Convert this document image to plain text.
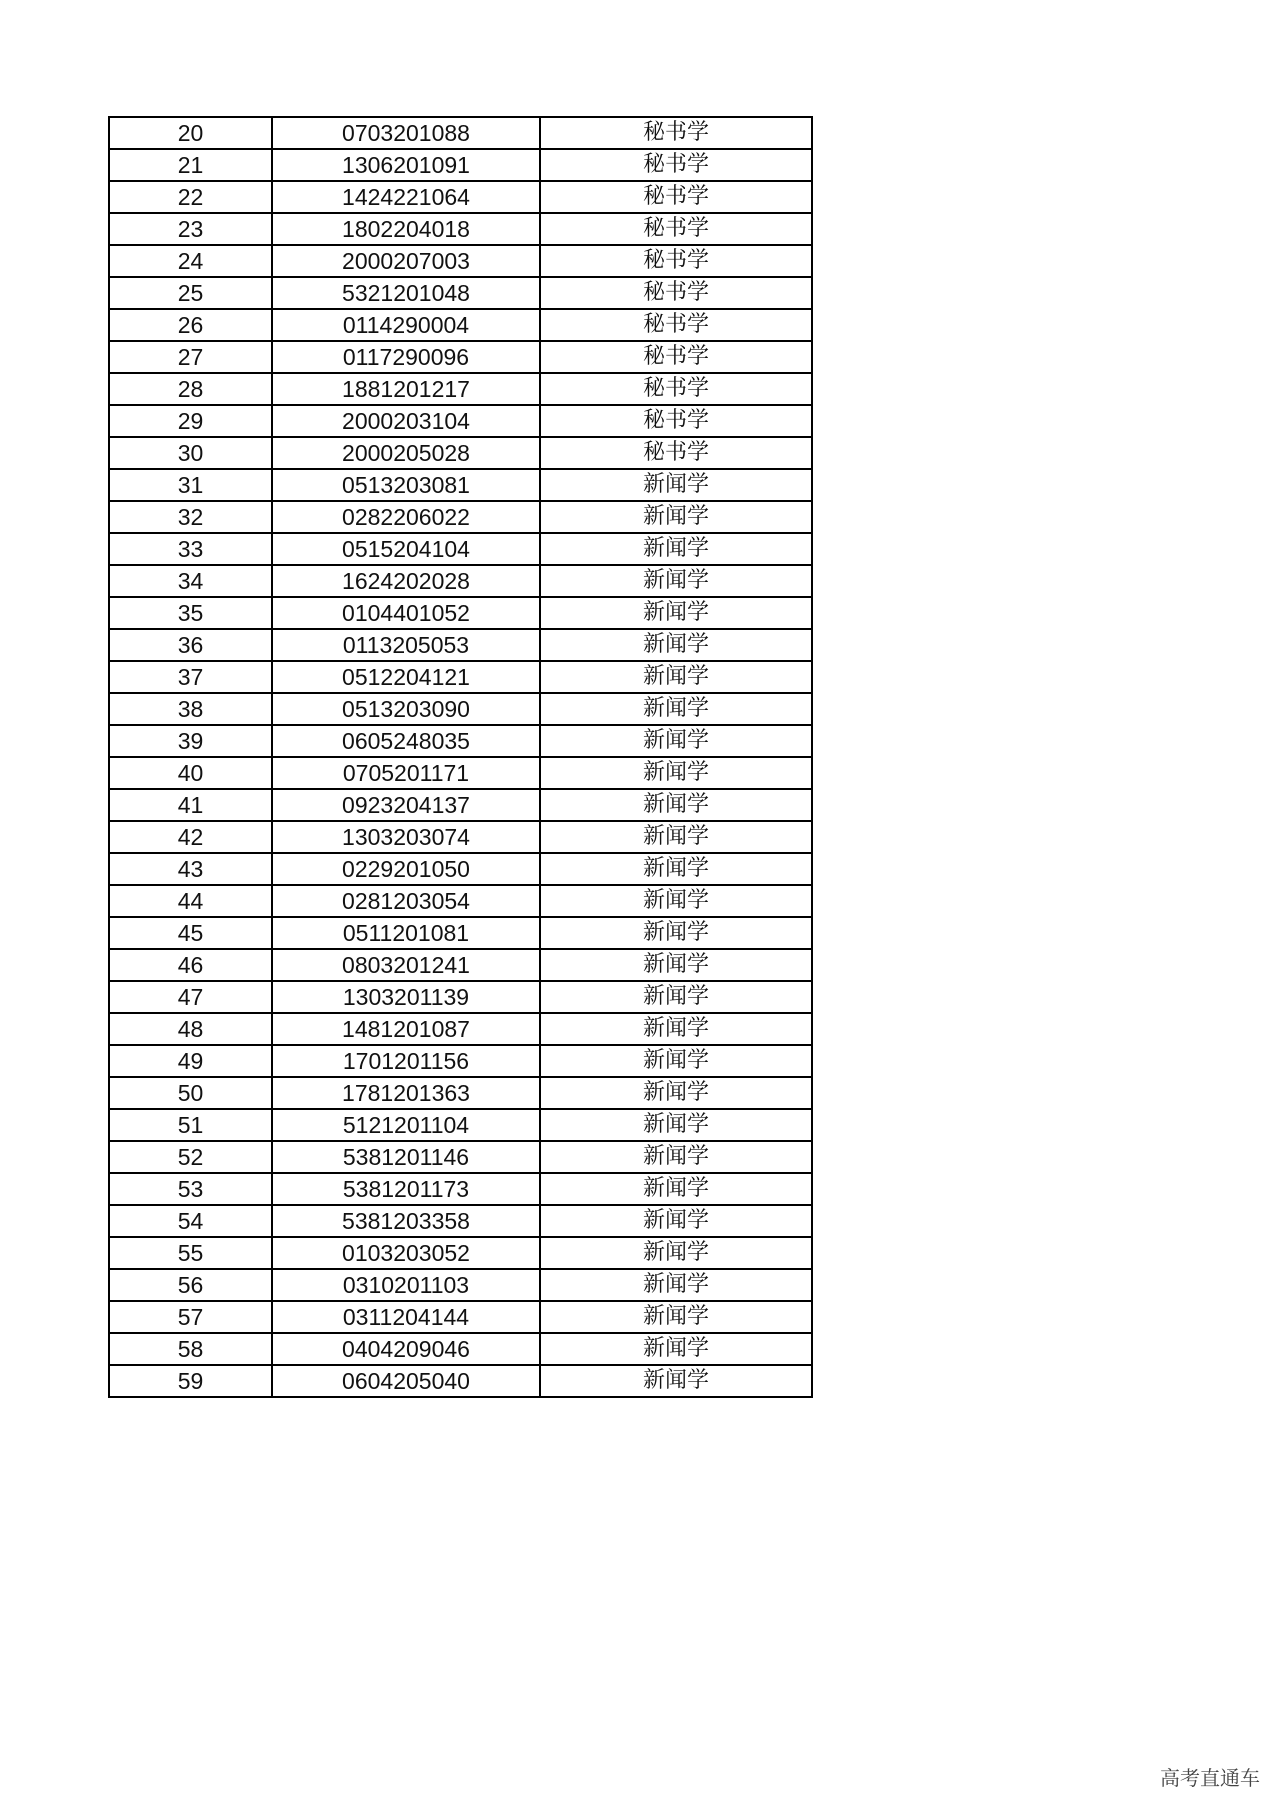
20	0703201088	秘书学
21	1306201091	秘书学
22	1424221064	秘书学
23	1802204018	秘书学
24	2000207003	秘书学
25	5321201048	秘书学
26	0114290004	秘书学
27	0117290096	秘书学
28	1881201217	秘书学
29	2000203104	秘书学
30	2000205028	秘书学
31	0513203081	新闻学
32	0282206022	新闻学
33	0515204104	新闻学
34	1624202028	新闻学
35	0104401052	新闻学
36	0113205053	新闻学
37	0512204121	新闻学
38	0513203090	新闻学
39	0605248035	新闻学
40	0705201171	新闻学
41	0923204137	新闻学
42	1303203074	新闻学
43	0229201050	新闻学
44	0281203054	新闻学
45	0511201081	新闻学
46	0803201241	新闻学
47	1303201139	新闻学
48	1481201087	新闻学
49	1701201156	新闻学
50	1781201363	新闻学
51	5121201104	新闻学
52	5381201146	新闻学
53	5381201173	新闻学
54	5381203358	新闻学
55	0103203052	新闻学
56	0310201103	新闻学
57	0311204144	新闻学
58	0404209046	新闻学
59	0604205040	新闻学
高考直通车
